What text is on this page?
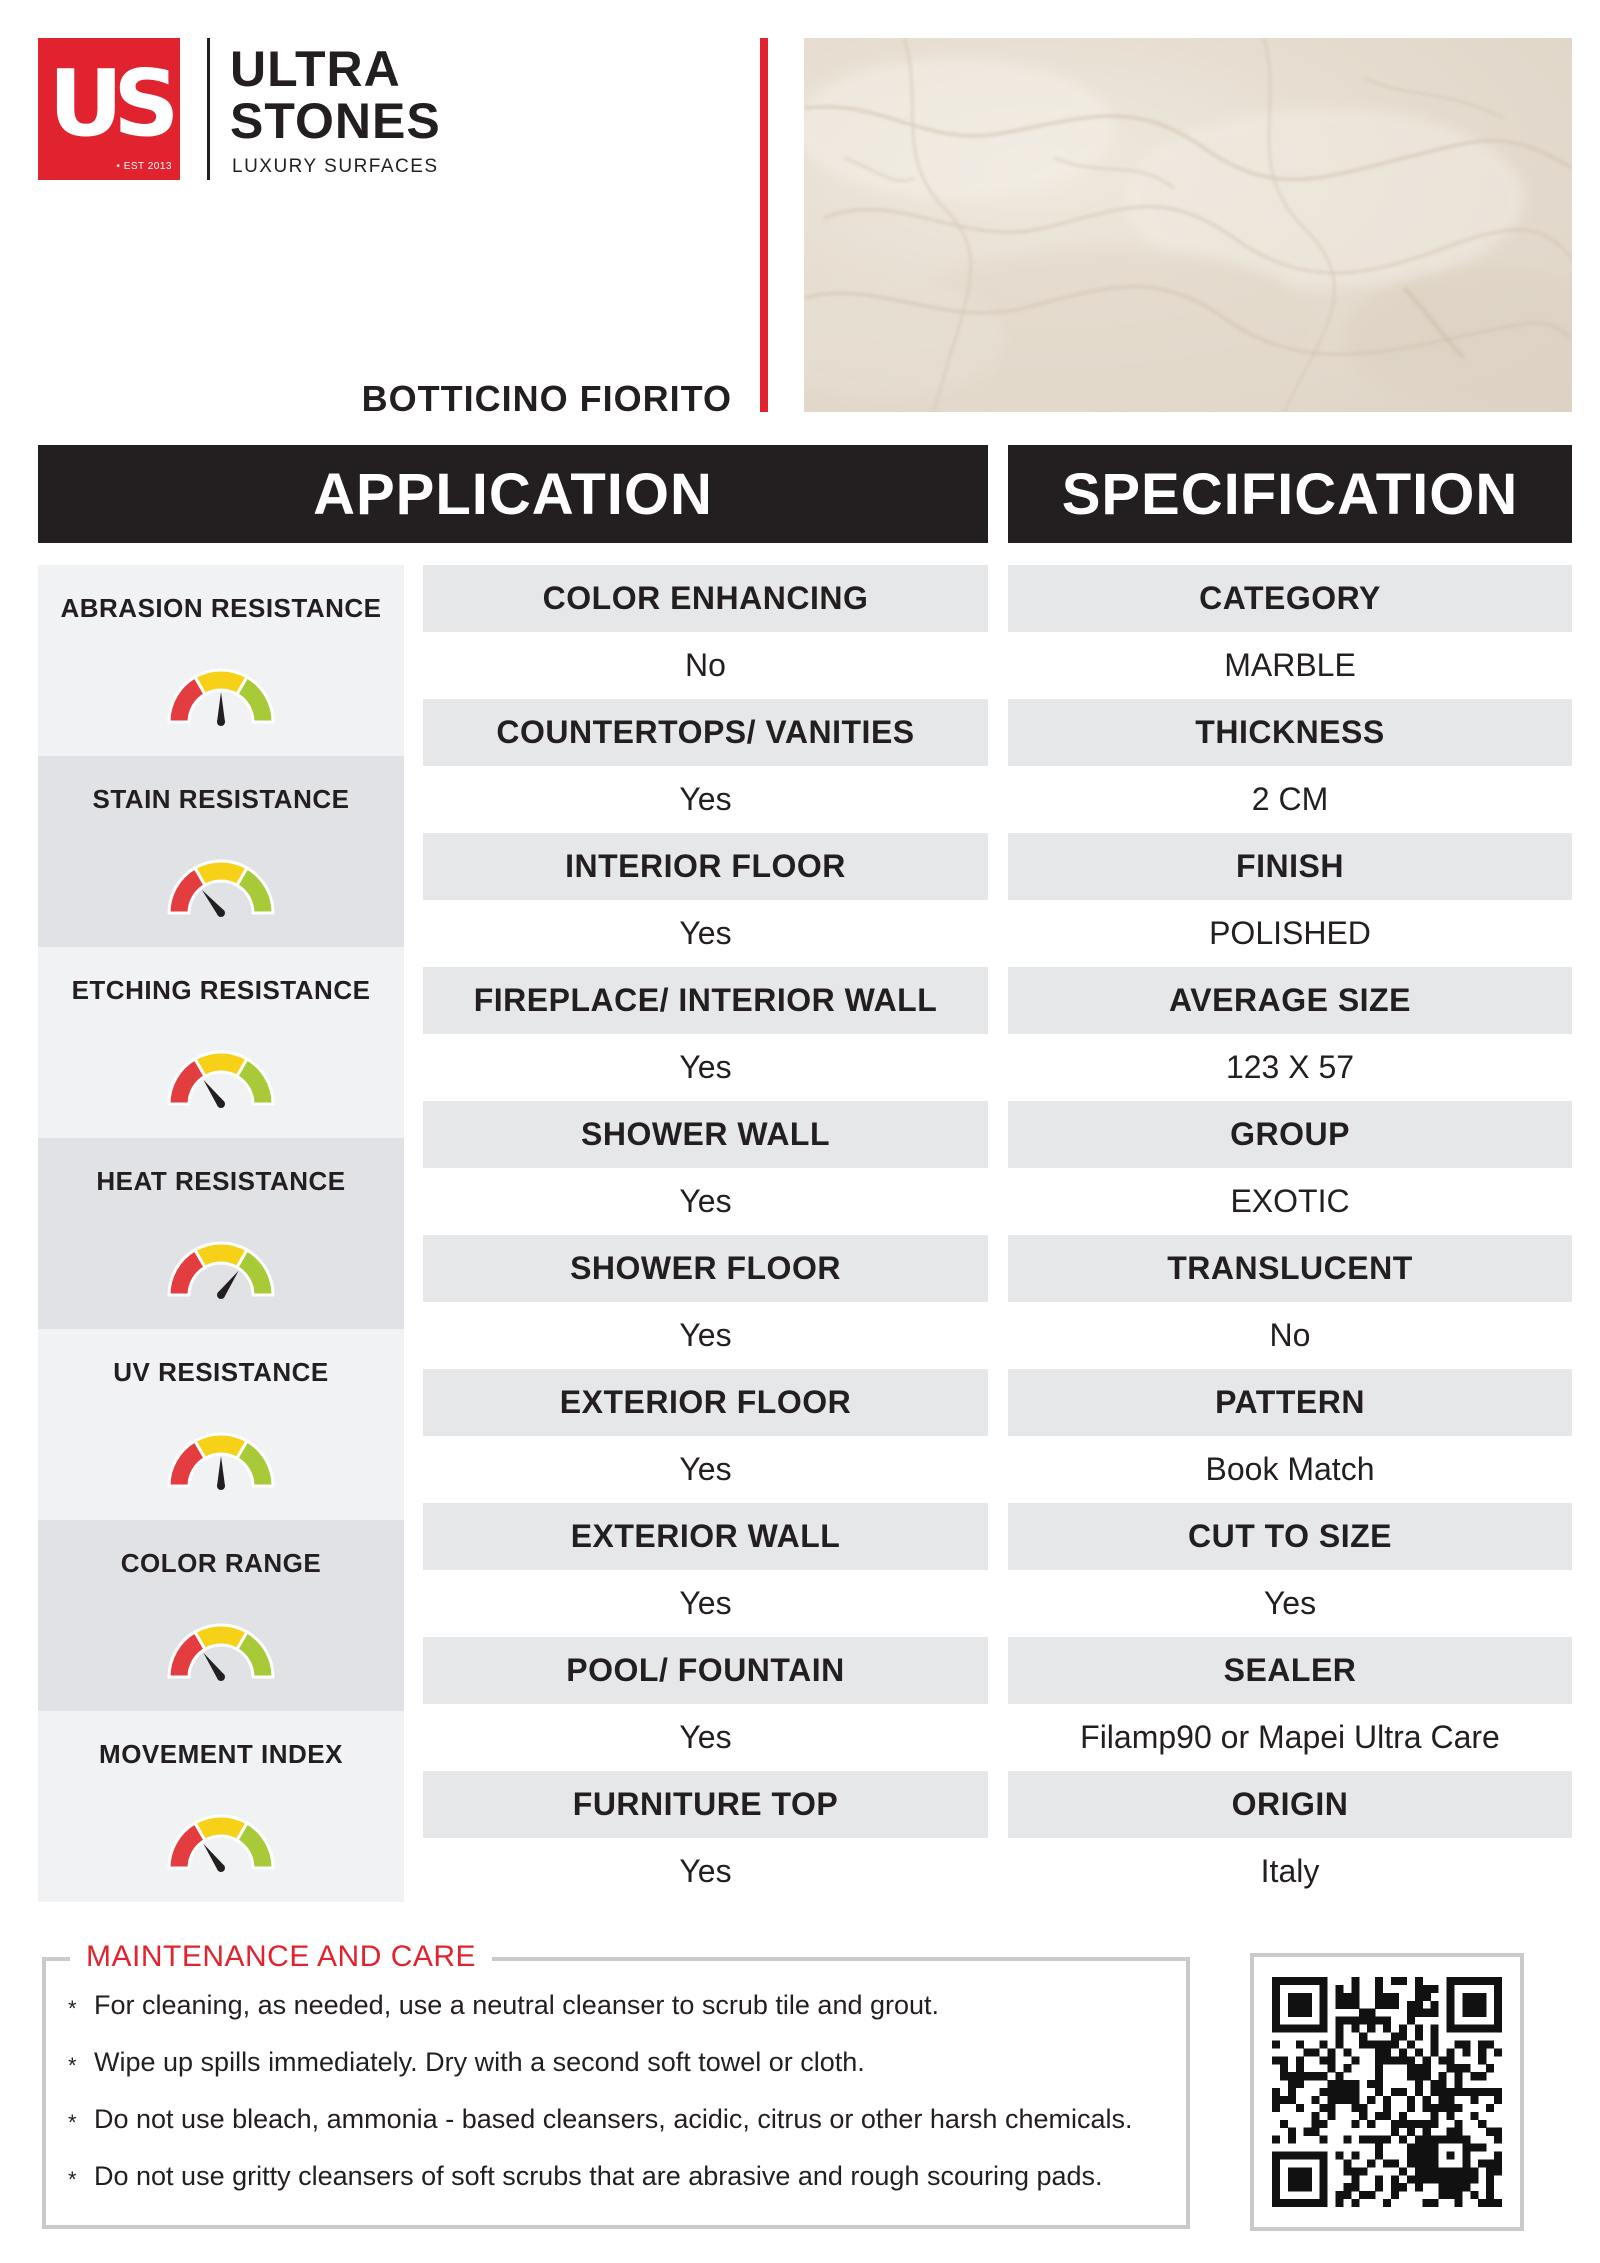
US
• EST 2013
ULTRA
STONES
LUXURY SURFACES
BOTTICINO FIORITO
APPLICATION	SPECIFICATION
ABRASION RESISTANCE
STAIN RESISTANCE
ETCHING RESISTANCE
HEAT RESISTANCE
UV RESISTANCE
COLOR RANGE
MOVEMENT INDEX
COLOR ENHANCING
No
COUNTERTOPS/ VANITIES
Yes
INTERIOR FLOOR
Yes
FIREPLACE/ INTERIOR WALL
Yes
SHOWER WALL
Yes
SHOWER FLOOR
Yes
EXTERIOR FLOOR
Yes
EXTERIOR WALL
Yes
POOL/ FOUNTAIN
Yes
FURNITURE TOP
Yes
CATEGORY
MARBLE
THICKNESS
2 CM
FINISH
POLISHED
AVERAGE SIZE
123 X 57
GROUP
EXOTIC
TRANSLUCENT
No
PATTERN
Book Match
CUT TO SIZE
Yes
SEALER
Filamp90 or Mapei Ultra Care
ORIGIN
Italy
MAINTENANCE AND CARE
* For cleaning, as needed, use a neutral cleanser to scrub tile and grout.
* Wipe up spills immediately. Dry with a second soft towel or cloth.
* Do not use bleach, ammonia - based cleansers, acidic, citrus or other harsh chemicals.
* Do not use gritty cleansers of soft scrubs that are abrasive and rough scouring pads.
